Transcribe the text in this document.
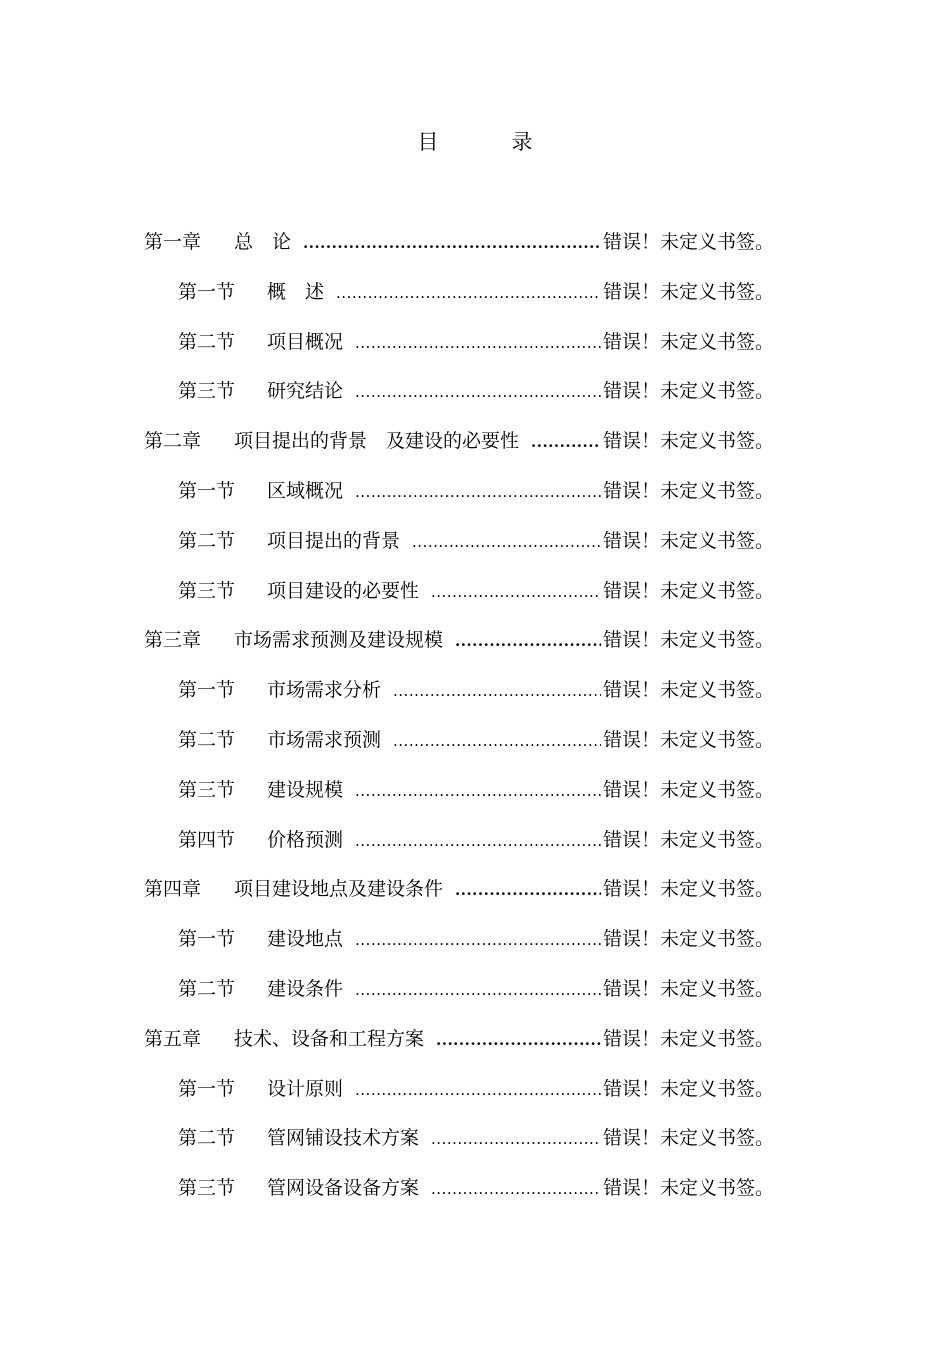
目　录
第一章 总　论 .....	错误！未定义书签。
第一节 概　述 .....	错误！未定义书签。
第二节 项目概况 .....	错误！未定义书签。
第三节 研究结论 .....	错误！未定义书签。
第二章 项目提出的背景　及建设的必要性 .....	错误！未定义书签。
第一节 区域概况 .....	错误！未定义书签。
第二节 项目提出的背景 .....	错误！未定义书签。
第三节 项目建设的必要性 .....	错误！未定义书签。
第三章 市场需求预测及建设规模 .....	错误！未定义书签。
第一节 市场需求分析 .....	错误！未定义书签。
第二节 市场需求预测 .....	错误！未定义书签。
第三节 建设规模 .....	错误！未定义书签。
第四节 价格预测 .....	错误！未定义书签。
第四章 项目建设地点及建设条件 .....	错误！未定义书签。
第一节 建设地点 .....	错误！未定义书签。
第二节 建设条件 .....	错误！未定义书签。
第五章 技术、设备和工程方案 .....	错误！未定义书签。
第一节 设计原则 .....	错误！未定义书签。
第二节 管网铺设技术方案 .....	错误！未定义书签。
第三节 管网设备设备方案 .....	错误！未定义书签。
